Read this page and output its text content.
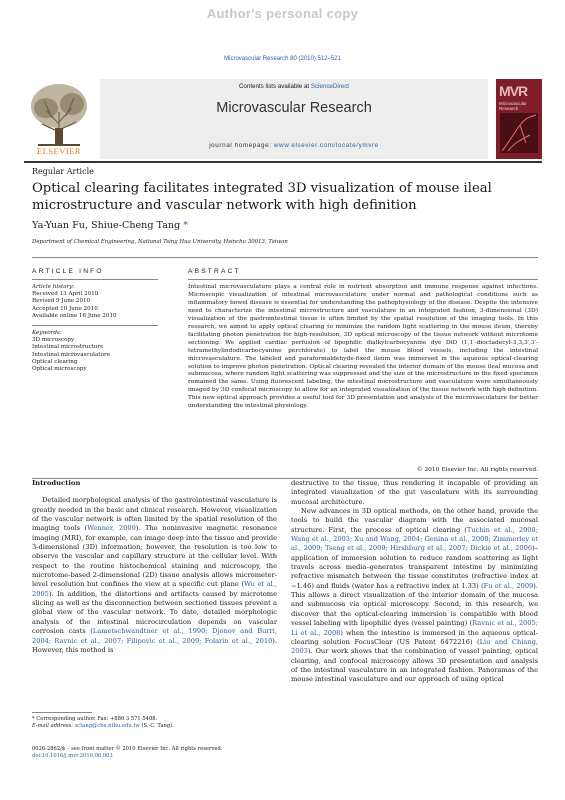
Author's personal copy
Microvascular Research 80 (2010) 512–521
ELSEVIER
Contents lists available at ScienceDirect
Microvascular Research
journal homepage: www.elsevier.com/locate/ymvre
MVR
Microvascular Research
Regular Article
Optical clearing facilitates integrated 3D visualization of mouse ileal microstructure and vascular network with high definition
Ya-Yuan Fu, Shiue-Cheng Tang *
Department of Chemical Engineering, National Tsing Hua University, Hsinchu 30013, Taiwan
ARTICLE INFO	ABSTRACT
Article history:
Received 13 April 2010
Revised 9 June 2010
Accepted 10 June 2010
Available online 18 June 2010
Keywords:
3D microscopy
Intestinal microstructure
Intestinal microvasculature
Optical clearing
Optical microscopy
Intestinal microvasculature plays a central role in nutrient absorption and immune response against infections. Microscopic visualization of intestinal microvasculature under normal and pathological conditions such as inflammatory bowel disease is essential for understanding the pathophysiology of the disease. Despite the intensive need to characterize the intestinal microstructure and vasculature in an integrated fashion, 3-dimensional (3D) visualization of the gastrointestinal tissue is often limited by the spatial resolution of the imaging tools. In this research, we aimed to apply optical clearing to minimize the random light scattering in the mouse ileum, thereby facilitating photon penetration for high-resolution, 3D optical microscopy of the tissue network without microtome sectioning. We applied cardiac perfusion of lipophilic dialkylcarbocyanine dye DiD (1,1′-dioctadecyl-3,3,3′,3′-tetramethylindodicarbocyanine perchlorate) to label the mouse blood vessels, including the intestinal microvasculature. The labeled and paraformaldehyde-fixed ileum was immersed in the aqueous optical-clearing solution to improve photon penetration. Optical clearing revealed the interior domain of the mouse ileal mucosa and submucosa, where random light scattering was suppressed and the size of the microstructure in the fixed specimen remained the same. Using fluorescent labeling, the intestinal microstructure and vasculature were simultaneously imaged by 3D confocal microscopy to allow for an integrated visualization of the tissue network with high definition. This new optical approach provides a useful tool for 3D presentation and analysis of the microvasculature for better understanding the intestinal physiology.
© 2010 Elsevier Inc. All rights reserved.
Introduction

Detailed morphological analysis of the gastrointestinal vasculature is greatly needed in the basic and clinical research. However, visualization of the vascular network is often limited by the spatial resolution of the imaging tools (Wenner, 2009). The noninvasive magnetic resonance imaging (MRI), for example, can image deep into the tissue and provide 3-dimensional (3D) information; however, the resolution is too low to observe the vascular and capillary structure at the cellular level. With respect to the routine histochemical staining and microscopy, the microtome-based 2-dimensional (2D) tissue analysis allows micrometer-level resolution but confines the view at a specific cut plane (Wu et al., 2005). In addition, the distortions and artifacts caused by microtome slicing as well as the disconnection between sectioned tissues prevent a global view of the vascular network. To date, detailed morphologic analysis of the intestinal microcirculation depends on vascular corrosion casts (Lametschwandtner et al., 1990; Djonov and Burri, 2004; Ravnic et al., 2007; Filipovic et al., 2009; Folarin et al., 2010). However, this method is

destructive to the tissue, thus rendering it incapable of providing an integrated visualization of the gut vasculature with its surrounding mucosal architecture.

New advances in 3D optical methods, on the other hand, provide the tools to build the vascular diagram with the associated mucosal structure. First, the process of optical clearing (Tuchin et al., 2008; Wang et al., 2003; Xu and Wang, 2004; Genina et al., 2008; Zimmerley et al., 2009; Tseng et al., 2009; Hirshburg et al., 2007; Dickie et al., 2006)–application of immersion solution to reduce random scattering as light travels across media–generates transparent intestine by minimizing refractive mismatch between the tissue constitutes (refractive index at ~1.46) and fluids (water has a refractive index at 1.33) (Fu et al., 2009). This allows a direct visualization of the interior domain of the mucosa and submucosa via optical microscopy. Second, in this research, we discover that the optical-clearing immersion is compatible with blood vessel labeling with lipophilic dyes (vessel painting) (Ravnic et al., 2005; Li et al., 2008) when the intestine is immersed in the aqueous optical-clearing solution FocusClear (US Patent 6472216) (Liu and Chiang, 2003). Our work shows that the combination of vessel painting, optical clearing, and confocal microscopy allows 3D presentation and analysis of the intestinal vasculature in an integrated fashion. Panoramas of the mouse intestinal vasculature and our approach of using optical

* Corresponding author. Fax: +886 3 571 5408.
E-mail address: sctang@che.nthu.edu.tw (S.-C. Tang).
0026-2862/$ – see front matter © 2010 Elsevier Inc. All rights reserved.
doi:10.1016/j.mvr.2010.06.003
